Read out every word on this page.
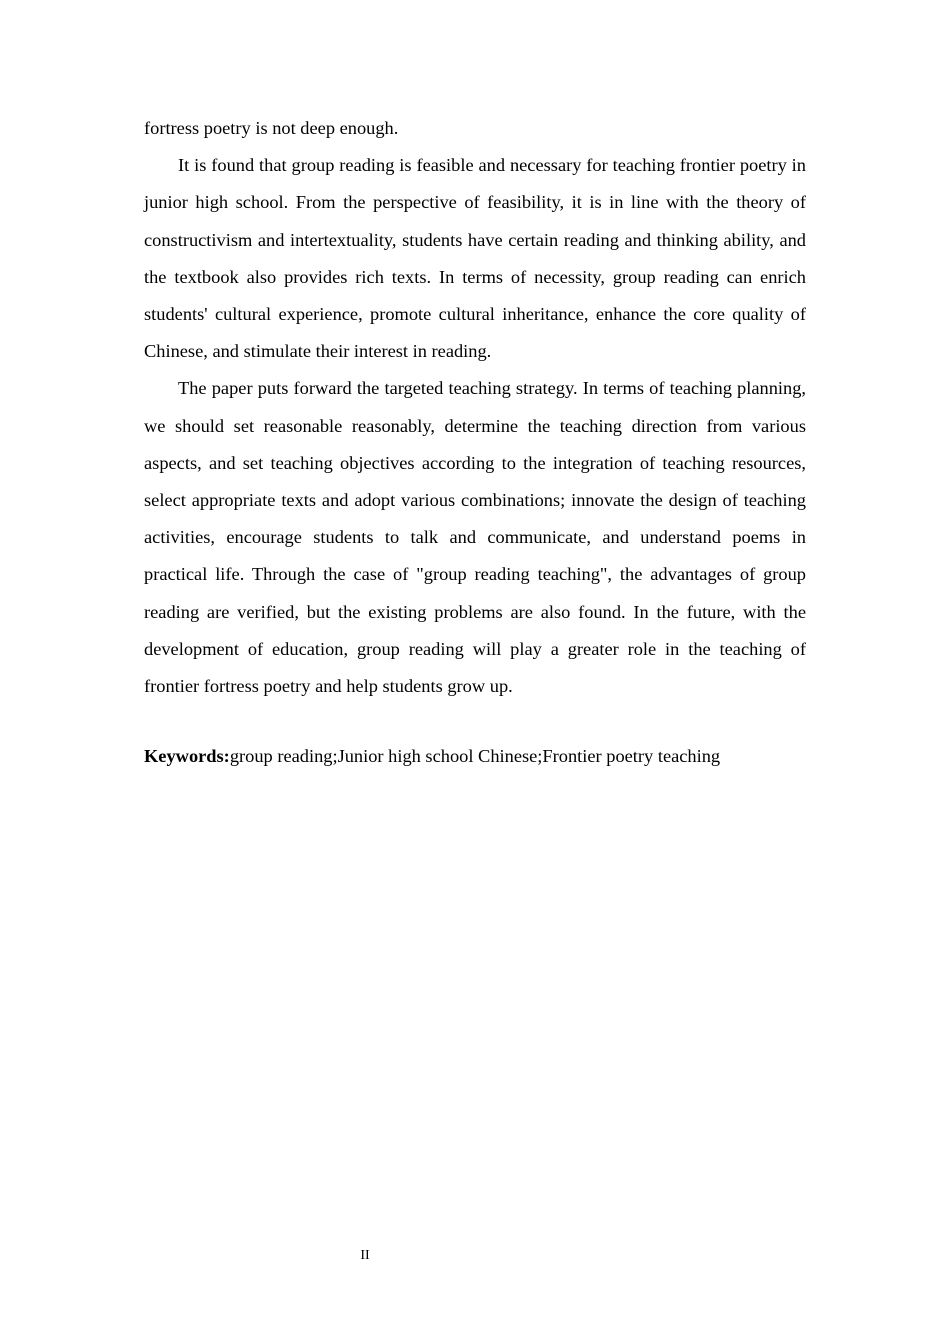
fortress poetry is not deep enough.

It is found that group reading is feasible and necessary for teaching frontier poetry in junior high school. From the perspective of feasibility, it is in line with the theory of constructivism and intertextuality, students have certain reading and thinking ability, and the textbook also provides rich texts. In terms of necessity, group reading can enrich students' cultural experience, promote cultural inheritance, enhance the core quality of Chinese, and stimulate their interest in reading.

The paper puts forward the targeted teaching strategy. In terms of teaching planning, we should set reasonable reasonably, determine the teaching direction from various aspects, and set teaching objectives according to the integration of teaching resources, select appropriate texts and adopt various combinations; innovate the design of teaching activities, encourage students to talk and communicate, and understand poems in practical life. Through the case of "group reading teaching", the advantages of group reading are verified, but the existing problems are also found. In the future, with the development of education, group reading will play a greater role in the teaching of frontier fortress poetry and help students grow up.

Keywords:group reading;Junior high school Chinese;Frontier poetry teaching
II
